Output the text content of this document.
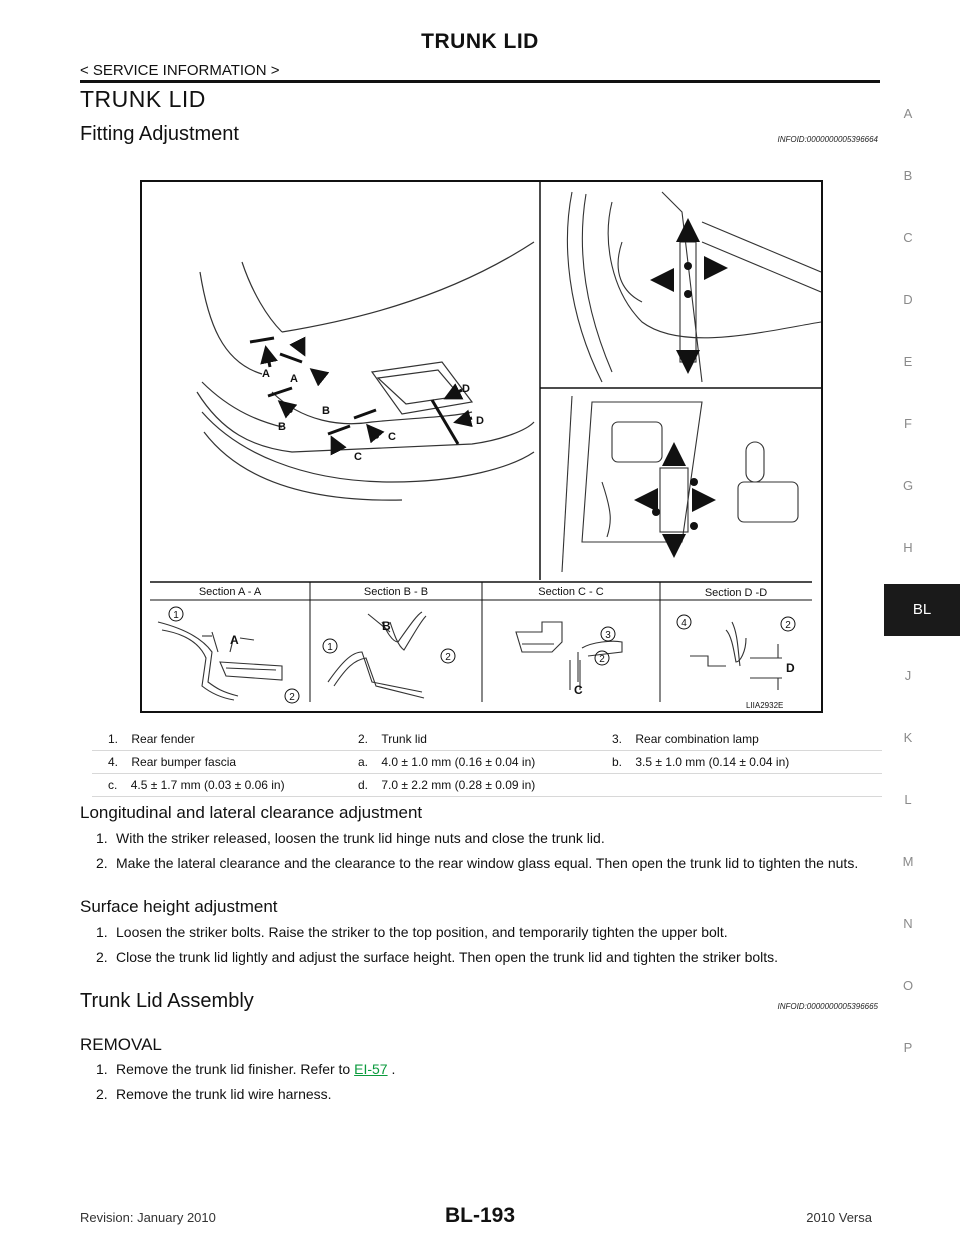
TRUNK LID
< SERVICE INFORMATION >
A
B
C
D
E
F
G
H
BL
J
K
L
M
N
O
P
TRUNK LID
Fitting Adjustment	INFOID:0000000005396664
A A
B
B
C
C
D
D
Section A - A	Section B - B	Section C - C	Section D -D
1
A
2
1
B
2
3
2
C
4	2
D
LIIA2932E
1. Rear fender	2. Trunk lid	3. Rear combination lamp
4. Rear bumper fascia	a. 4.0 ± 1.0 mm (0.16 ± 0.04 in)	b. 3.5 ± 1.0 mm (0.14 ± 0.04 in)
c. 4.5 ± 1.7 mm (0.03 ± 0.06 in)	d. 7.0 ± 2.2 mm (0.28 ± 0.09 in)
Longitudinal and lateral clearance adjustment
1. With the striker released, loosen the trunk lid hinge nuts and close the trunk lid.
2. Make the lateral clearance and the clearance to the rear window glass equal. Then open the trunk lid to tighten the nuts.
Surface height adjustment
1. Loosen the striker bolts. Raise the striker to the top position, and temporarily tighten the upper bolt.
2. Close the trunk lid lightly and adjust the surface height. Then open the trunk lid and tighten the striker bolts.
Trunk Lid Assembly	INFOID:0000000005396665
REMOVAL
1. Remove the trunk lid finisher. Refer to EI-57 .
2. Remove the trunk lid wire harness.
Revision: January 2010	BL-193	2010 Versa
